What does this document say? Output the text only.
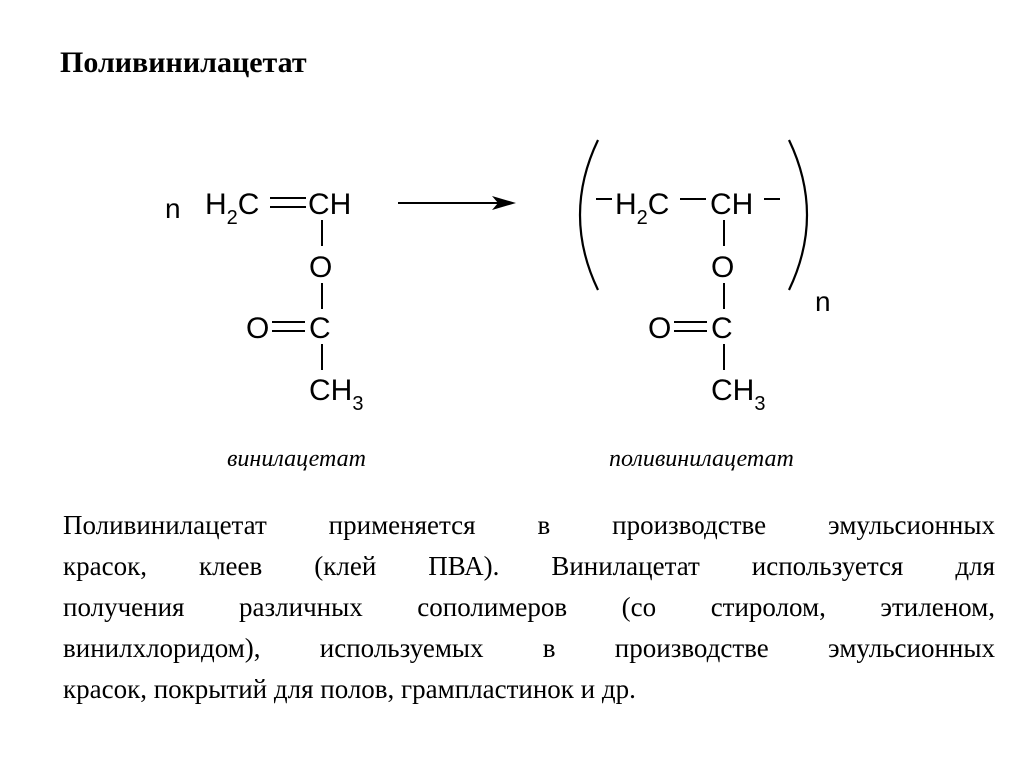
Поливинилацетат
n $H_2C$ CH
O
O C
$CH_3$
$H_2C$ CH
O
O C
$CH_3$
n
винилацетат	поливинилацетат
Поливинилацетат применяется в производстве эмульсионных
красок, клеев (клей ПВА). Винилацетат используется для
получения различных сополимеров (со стиролом, этиленом,
винилхлоридом), используемых в производстве эмульсионных
красок, покрытий для полов, грампластинок и др.
